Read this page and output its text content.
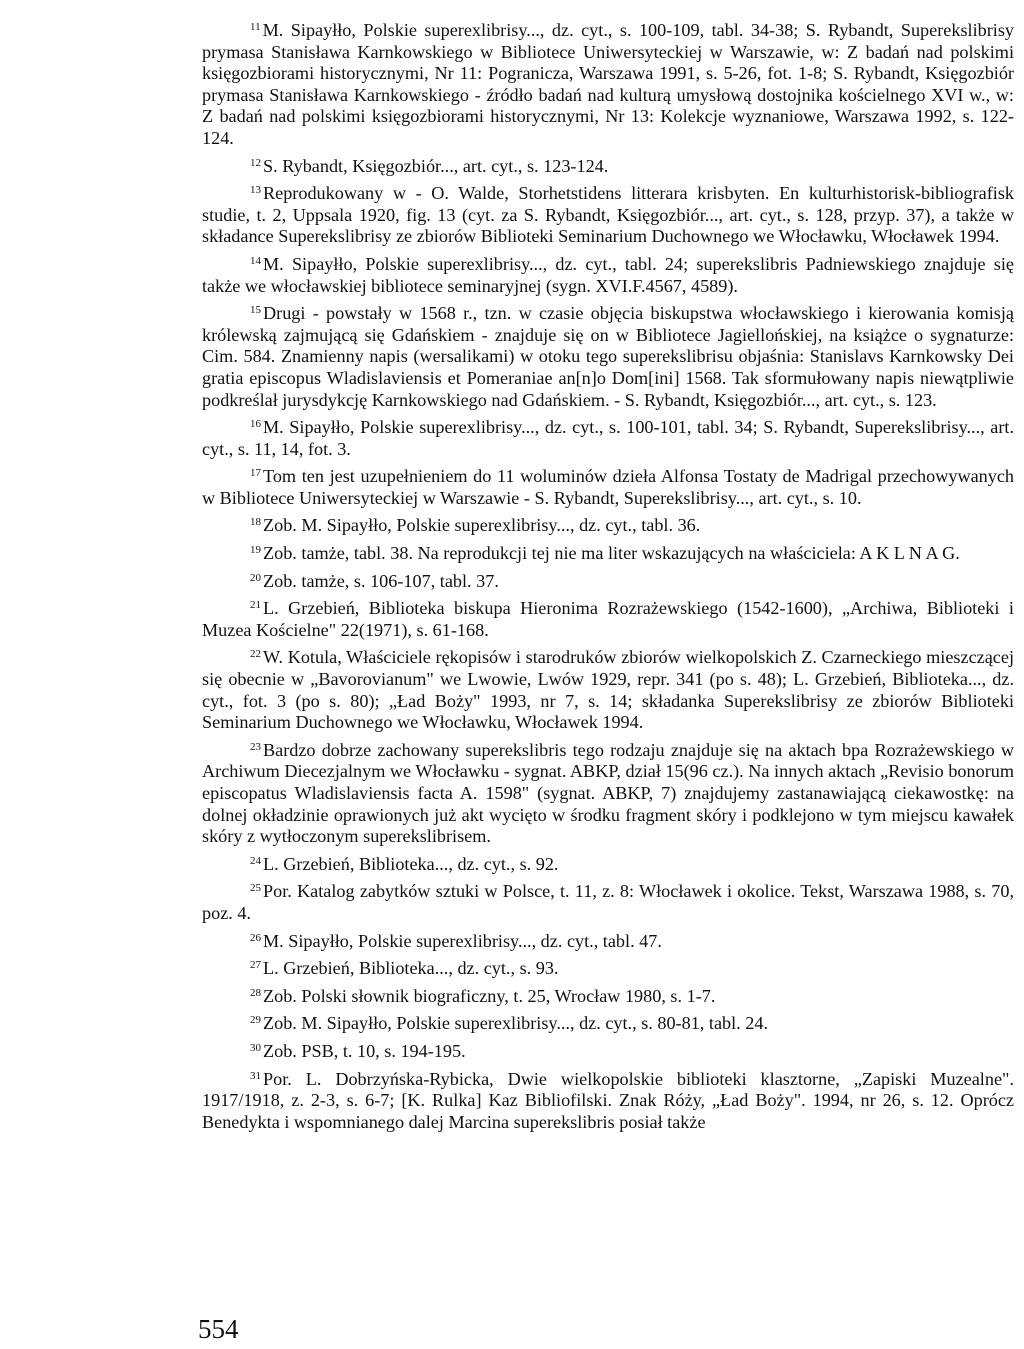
$^{11}$ M. Sipayłło, Polskie superexlibrisy..., dz. cyt., s. 100-109, tabl. 34-38; S. Rybandt, Superekslibrisy prymasa Stanisława Karnkowskiego w Bibliotece Uniwersyteckiej w Warszawie, w: Z badań nad polskimi księgozbiorami historycznymi, Nr 11: Pogranicza, Warszawa 1991, s. 5-26, fot. 1-8; S. Rybandt, Księgozbiór prymasa Stanisława Karnkowskiego - źródło badań nad kulturą umysłową dostojnika kościelnego XVI w., w: Z badań nad polskimi księgozbiorami historycznymi, Nr 13: Kolekcje wyznaniowe, Warszawa 1992, s. 122-124.

$^{12}$ S. Rybandt, Księgozbiór..., art. cyt., s. 123-124.

$^{13}$ Reprodukowany w - O. Walde, Storhetstidens litterara krisbyten. En kulturhistorisk-bibliografisk studie, t. 2, Uppsala 1920, fig. 13 (cyt. za S. Rybandt, Księgozbiór..., art. cyt., s. 128, przyp. 37), a także w składance Superekslibrisy ze zbiorów Biblioteki Seminarium Duchownego we Włocławku, Włocławek 1994.

$^{14}$ M. Sipayłło, Polskie superexlibrisy..., dz. cyt., tabl. 24; superekslibris Padniewskiego znajduje się także we włocławskiej bibliotece seminaryjnej (sygn. XVI.F.4567, 4589).

$^{15}$ Drugi - powstały w 1568 r., tzn. w czasie objęcia biskupstwa włocławskiego i kierowania komisją królewską zajmującą się Gdańskiem - znajduje się on w Bibliotece Jagiellońskiej, na książce o sygnaturze: Cim. 584. Znamienny napis (wersalikami) w otoku tego superekslibrisu objaśnia: Stanislavs Karnkowsky Dei gratia episcopus Wladislaviensis et Pomeraniae an[n]o Dom[ini] 1568. Tak sformułowany napis niewątpliwie podkreślał jurysdykcję Karnkowskiego nad Gdańskiem. - S. Rybandt, Księgozbiór..., art. cyt., s. 123.

$^{16}$ M. Sipayłło, Polskie superexlibrisy..., dz. cyt., s. 100-101, tabl. 34; S. Rybandt, Superekslibrisy..., art. cyt., s. 11, 14, fot. 3.

$^{17}$ Tom ten jest uzupełnieniem do 11 woluminów dzieła Alfonsa Tostaty de Madrigal przechowywanych w Bibliotece Uniwersyteckiej w Warszawie - S. Rybandt, Superekslibrisy..., art. cyt., s. 10.

$^{18}$ Zob. M. Sipayłło, Polskie superexlibrisy..., dz. cyt., tabl. 36.

$^{19}$ Zob. tamże, tabl. 38. Na reprodukcji tej nie ma liter wskazujących na właściciela: A K L N A G.

$^{20}$ Zob. tamże, s. 106-107, tabl. 37.

$^{21}$ L. Grzebień, Biblioteka biskupa Hieronima Rozrażewskiego (1542-1600), „Archiwa, Biblioteki i Muzea Kościelne" 22(1971), s. 61-168.

$^{22}$ W. Kotula, Właściciele rękopisów i starodruków zbiorów wielkopolskich Z. Czarneckiego mieszczącej się obecnie w „Bavorovianum" we Lwowie, Lwów 1929, repr. 341 (po s. 48); L. Grzebień, Biblioteka..., dz. cyt., fot. 3 (po s. 80); „Ład Boży" 1993, nr 7, s. 14; składanka Superekslibrisy ze zbiorów Biblioteki Seminarium Duchownego we Włocławku, Włocławek 1994.

$^{23}$ Bardzo dobrze zachowany superekslibris tego rodzaju znajduje się na aktach bpa Rozrażewskiego w Archiwum Diecezjalnym we Włocławku - sygnat. ABKP, dział 15(96 cz.). Na innych aktach „Revisio bonorum episcopatus Wladislaviensis facta A. 1598" (sygnat. ABKP, 7) znajdujemy zastanawiającą ciekawostkę: na dolnej okładzinie oprawionych już akt wycięto w środku fragment skóry i podklejono w tym miejscu kawałek skóry z wytłoczonym superekslibrisem.

$^{24}$ L. Grzebień, Biblioteka..., dz. cyt., s. 92.

$^{25}$ Por. Katalog zabytków sztuki w Polsce, t. 11, z. 8: Włocławek i okolice. Tekst, Warszawa 1988, s. 70, poz. 4.

$^{26}$ M. Sipayłło, Polskie superexlibrisy..., dz. cyt., tabl. 47.

$^{27}$ L. Grzebień, Biblioteka..., dz. cyt., s. 93.

$^{28}$ Zob. Polski słownik biograficzny, t. 25, Wrocław 1980, s. 1-7.

$^{29}$ Zob. M. Sipayłło, Polskie superexlibrisy..., dz. cyt., s. 80-81, tabl. 24.

$^{30}$ Zob. PSB, t. 10, s. 194-195.

$^{31}$ Por. L. Dobrzyńska-Rybicka, Dwie wielkopolskie biblioteki klasztorne, „Zapiski Muzealne". 1917/1918, z. 2-3, s. 6-7; [K. Rulka] Kaz Bibliofilski. Znak Róży, „Ład Boży". 1994, nr 26, s. 12. Oprócz Benedykta i wspomnianego dalej Marcina superekslibris posiał także

554
